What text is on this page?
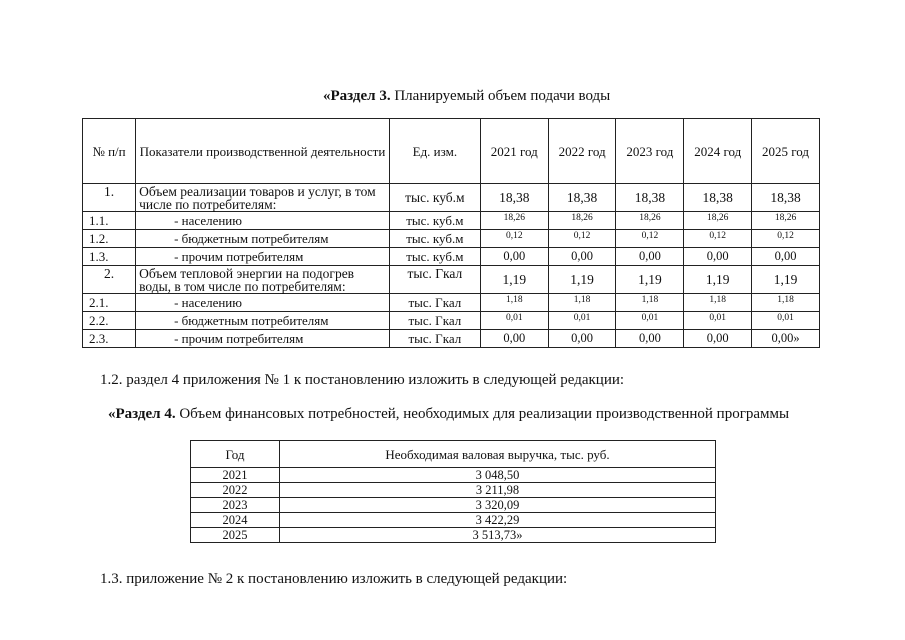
«Раздел 3. Планируемый объем подачи воды
№ п/п	Показатели производственной деятельности	Ед. изм.	2021 год	2022 год	2023 год	2024 год	2025 год
1.	Объем реализации товаров и услуг, в том числе по потребителям:	тыс. куб.м	18,38	18,38	18,38	18,38	18,38
1.1.	- населению	тыс. куб.м	18,26	18,26	18,26	18,26	18,26
1.2.	- бюджетным потребителям	тыс. куб.м	0,12	0,12	0,12	0,12	0,12
1.3.	- прочим потребителям	тыс. куб.м	0,00	0,00	0,00	0,00	0,00
2.	Объем тепловой энергии на подогрев воды, в том числе по потребителям:	тыс. Гкал	1,19	1,19	1,19	1,19	1,19
2.1.	- населению	тыс. Гкал	1,18	1,18	1,18	1,18	1,18
2.2.	- бюджетным потребителям	тыс. Гкал	0,01	0,01	0,01	0,01	0,01
2.3.	- прочим потребителям	тыс. Гкал	0,00	0,00	0,00	0,00	0,00»
1.2. раздел 4 приложения № 1 к постановлению изложить в следующей редакции:
«Раздел 4. Объем финансовых потребностей, необходимых для реализации производственной программы
Год	Необходимая валовая выручка, тыс. руб.
2021	3 048,50
2022	3 211,98
2023	3 320,09
2024	3 422,29
2025	3 513,73»
1.3. приложение № 2 к постановлению изложить в следующей редакции:
